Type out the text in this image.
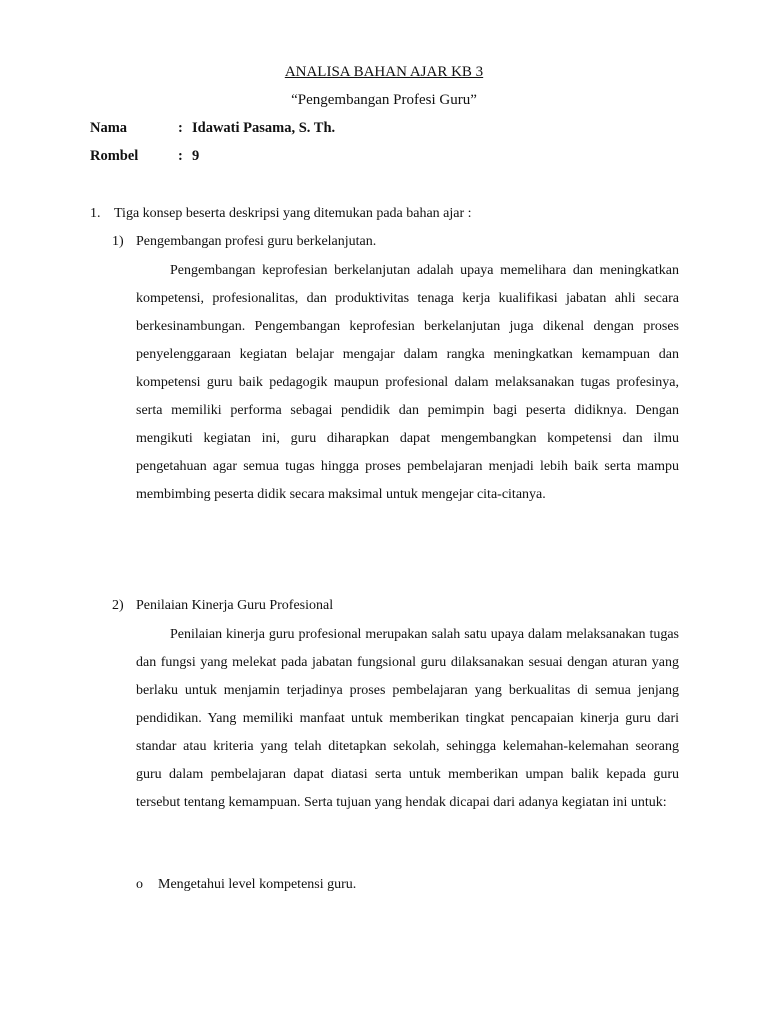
ANALISA BAHAN AJAR KB 3
“Pengembangan Profesi Guru”
Nama	: Idawati Pasama, S. Th.
Rombel	: 9
1. Tiga konsep beserta deskripsi yang ditemukan pada bahan ajar :
1) Pengembangan profesi guru berkelanjutan.
Pengembangan keprofesian berkelanjutan adalah upaya memelihara dan meningkatkan kompetensi, profesionalitas, dan produktivitas tenaga kerja kualifikasi jabatan ahli secara berkesinambungan. Pengembangan keprofesian berkelanjutan juga dikenal dengan proses penyelenggaraan kegiatan belajar mengajar dalam rangka meningkatkan kemampuan dan kompetensi guru baik pedagogik maupun profesional dalam melaksanakan tugas profesinya, serta memiliki performa sebagai pendidik dan pemimpin bagi peserta didiknya. Dengan mengikuti kegiatan ini, guru diharapkan dapat mengembangkan kompetensi dan ilmu pengetahuan agar semua tugas hingga proses pembelajaran menjadi lebih baik serta mampu membimbing peserta didik secara maksimal untuk mengejar cita-citanya.
2) Penilaian Kinerja Guru Profesional
Penilaian kinerja guru profesional merupakan salah satu upaya dalam melaksanakan tugas dan fungsi yang melekat pada jabatan fungsional guru dilaksanakan sesuai dengan aturan yang berlaku untuk menjamin terjadinya proses pembelajaran yang berkualitas di semua jenjang pendidikan. Yang memiliki manfaat untuk memberikan tingkat pencapaian kinerja guru dari standar atau kriteria yang telah ditetapkan sekolah, sehingga kelemahan-kelemahan seorang guru dalam pembelajaran dapat diatasi serta untuk memberikan umpan balik kepada guru tersebut tentang kemampuan. Serta tujuan yang hendak dicapai dari adanya kegiatan ini untuk:
o Mengetahui level kompetensi guru.
